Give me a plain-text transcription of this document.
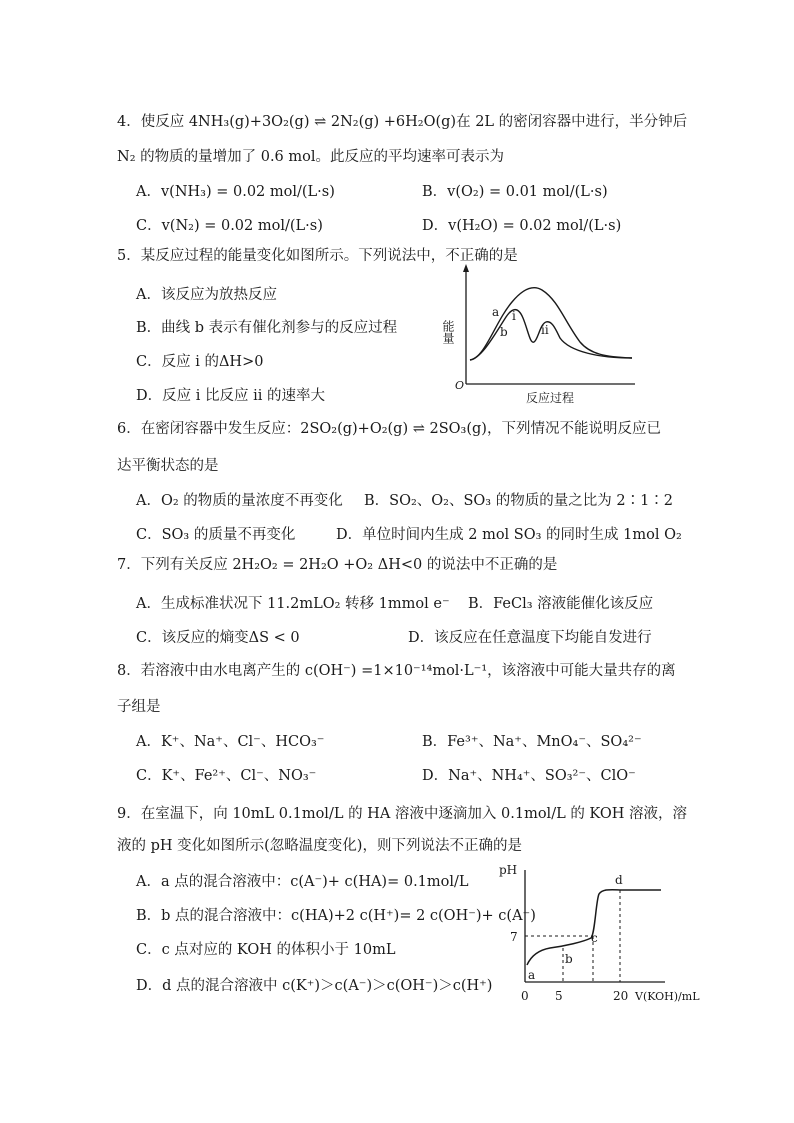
4．使反应 4NH₃(g)+3O₂(g) ⇌ 2N₂(g) +6H₂O(g)在 2L 的密闭容器中进行，半分钟后
N₂ 的物质的量增加了 0.6 mol。此反应的平均速率可表示为
A．v(NH₃) = 0.02 mol/(L·s)	B．v(O₂) = 0.01 mol/(L·s)
C．v(N₂) = 0.02 mol/(L·s)	D．v(H₂O) = 0.02 mol/(L·s)
5．某反应过程的能量变化如图所示。下列说法中，不正确的是
A．该反应为放热反应
B．曲线 b 表示有催化剂参与的反应过程
C．反应 i 的ΔH>0
D．反应 i 比反应 ii 的速率大
能量
a
b
i
ii
O
反应过程
6．在密闭容器中发生反应：2SO₂(g)+O₂(g) ⇌ 2SO₃(g)，下列情况不能说明反应已
达平衡状态的是
A．O₂ 的物质的量浓度不再变化 B．SO₂、O₂、SO₃ 的物质的量之比为 2∶1∶2
C．SO₃ 的质量不再变化	D．单位时间内生成 2 mol SO₃ 的同时生成 1mol O₂
7．下列有关反应 2H₂O₂ = 2H₂O +O₂ ΔH<0 的说法中不正确的是
A．生成标准状况下 11.2mLO₂ 转移 1mmol e⁻ B．FeCl₃ 溶液能催化该反应
C．该反应的熵变ΔS < 0	D．该反应在任意温度下均能自发进行
8．若溶液中由水电离产生的 c(OH⁻) =1×10⁻¹⁴mol·L⁻¹，该溶液中可能大量共存的离
子组是
A．K⁺、Na⁺、Cl⁻、HCO₃⁻	B．Fe³⁺、Na⁺、MnO₄⁻、SO₄²⁻
C．K⁺、Fe²⁺、Cl⁻、NO₃⁻	D．Na⁺、NH₄⁺、SO₃²⁻、ClO⁻
9．在室温下，向 10mL 0.1mol/L 的 HA 溶液中逐滴加入 0.1mol/L 的 KOH 溶液，溶
液的 pH 变化如图所示(忽略温度变化)，则下列说法不正确的是
A．a 点的混合溶液中：c(A⁻)+ c(HA)= 0.1mol/L
B．b 点的混合溶液中：c(HA)+2 c(H⁺)= 2 c(OH⁻)+ c(A⁻)
C．c 点对应的 KOH 的体积小于 10mL
D．d 点的混合溶液中 c(K⁺)＞c(A⁻)＞c(OH⁻)＞c(H⁺)
pH
7
a
b
c
d
0 5	20 V(KOH)/mL
